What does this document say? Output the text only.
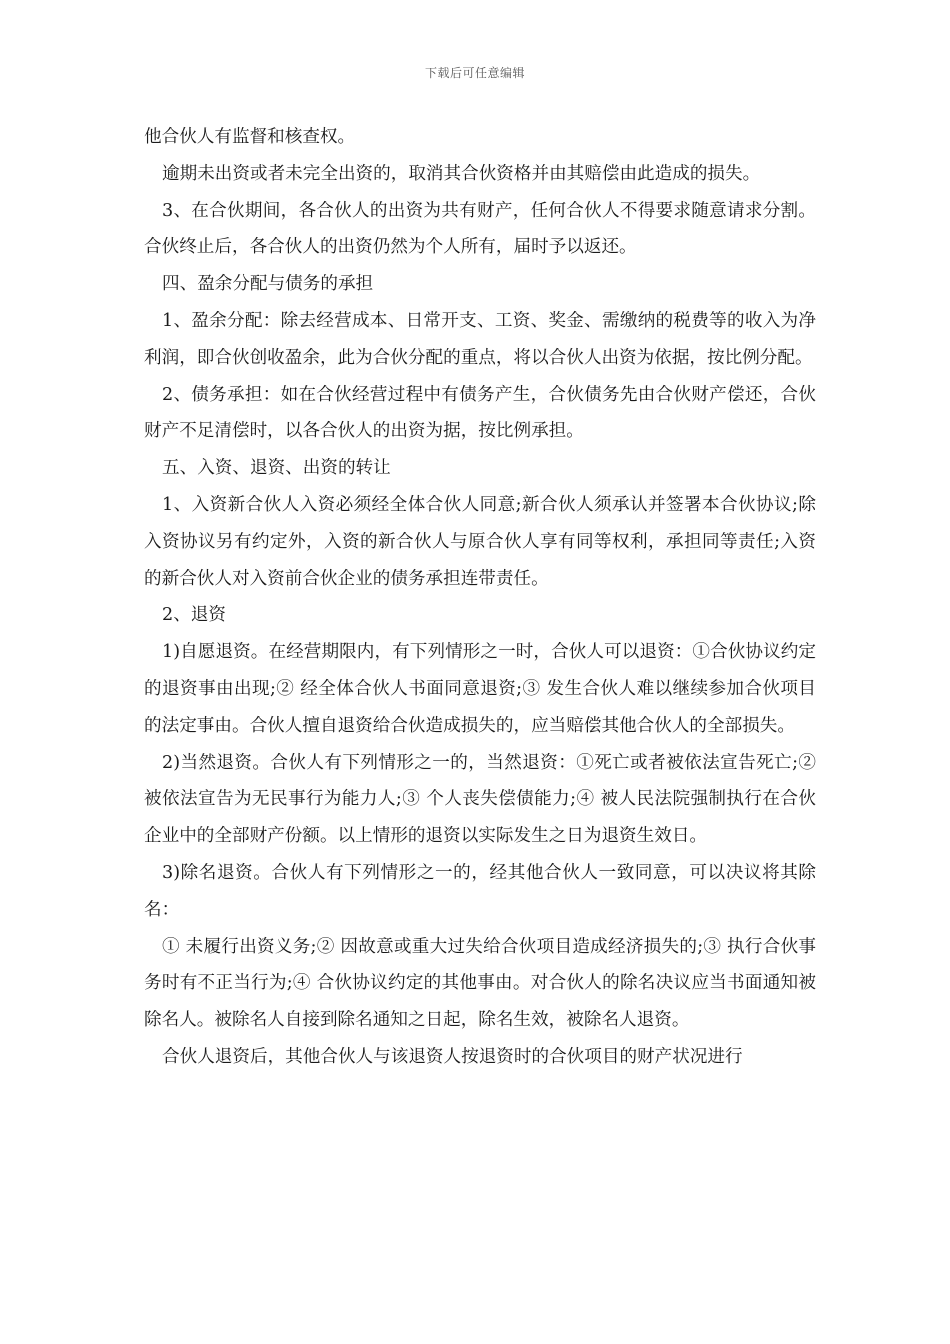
下载后可任意编辑

他合伙人有监督和核查权。

逾期未出资或者未完全出资的，取消其合伙资格并由其赔偿由此造成的损失。

3、在合伙期间，各合伙人的出资为共有财产，任何合伙人不得要求随意请求分割。合伙终止后，各合伙人的出资仍然为个人所有，届时予以返还。

四、盈余分配与债务的承担

1、盈余分配：除去经营成本、日常开支、工资、奖金、需缴纳的税费等的收入为净利润，即合伙创收盈余，此为合伙分配的重点，将以合伙人出资为依据，按比例分配。

2、债务承担：如在合伙经营过程中有债务产生，合伙债务先由合伙财产偿还，合伙财产不足清偿时，以各合伙人的出资为据，按比例承担。

五、入资、退资、出资的转让

1、入资新合伙人入资必须经全体合伙人同意;新合伙人须承认并签署本合伙协议;除入资协议另有约定外，入资的新合伙人与原合伙人享有同等权利，承担同等责任;入资的新合伙人对入资前合伙企业的债务承担连带责任。

2、退资

1)自愿退资。在经营期限内，有下列情形之一时，合伙人可以退资：①合伙协议约定的退资事由出现;② 经全体合伙人书面同意退资;③ 发生合伙人难以继续参加合伙项目的法定事由。合伙人擅自退资给合伙造成损失的，应当赔偿其他合伙人的全部损失。

2)当然退资。合伙人有下列情形之一的，当然退资：①死亡或者被依法宣告死亡;② 被依法宣告为无民事行为能力人;③ 个人丧失偿债能力;④ 被人民法院强制执行在合伙企业中的全部财产份额。以上情形的退资以实际发生之日为退资生效日。

3)除名退资。合伙人有下列情形之一的，经其他合伙人一致同意，可以决议将其除名：

① 未履行出资义务;② 因故意或重大过失给合伙项目造成经济损失的;③ 执行合伙事务时有不正当行为;④ 合伙协议约定的其他事由。对合伙人的除名决议应当书面通知被除名人。被除名人自接到除名通知之日起，除名生效，被除名人退资。

合伙人退资后，其他合伙人与该退资人按退资时的合伙项目的财产状况进行
